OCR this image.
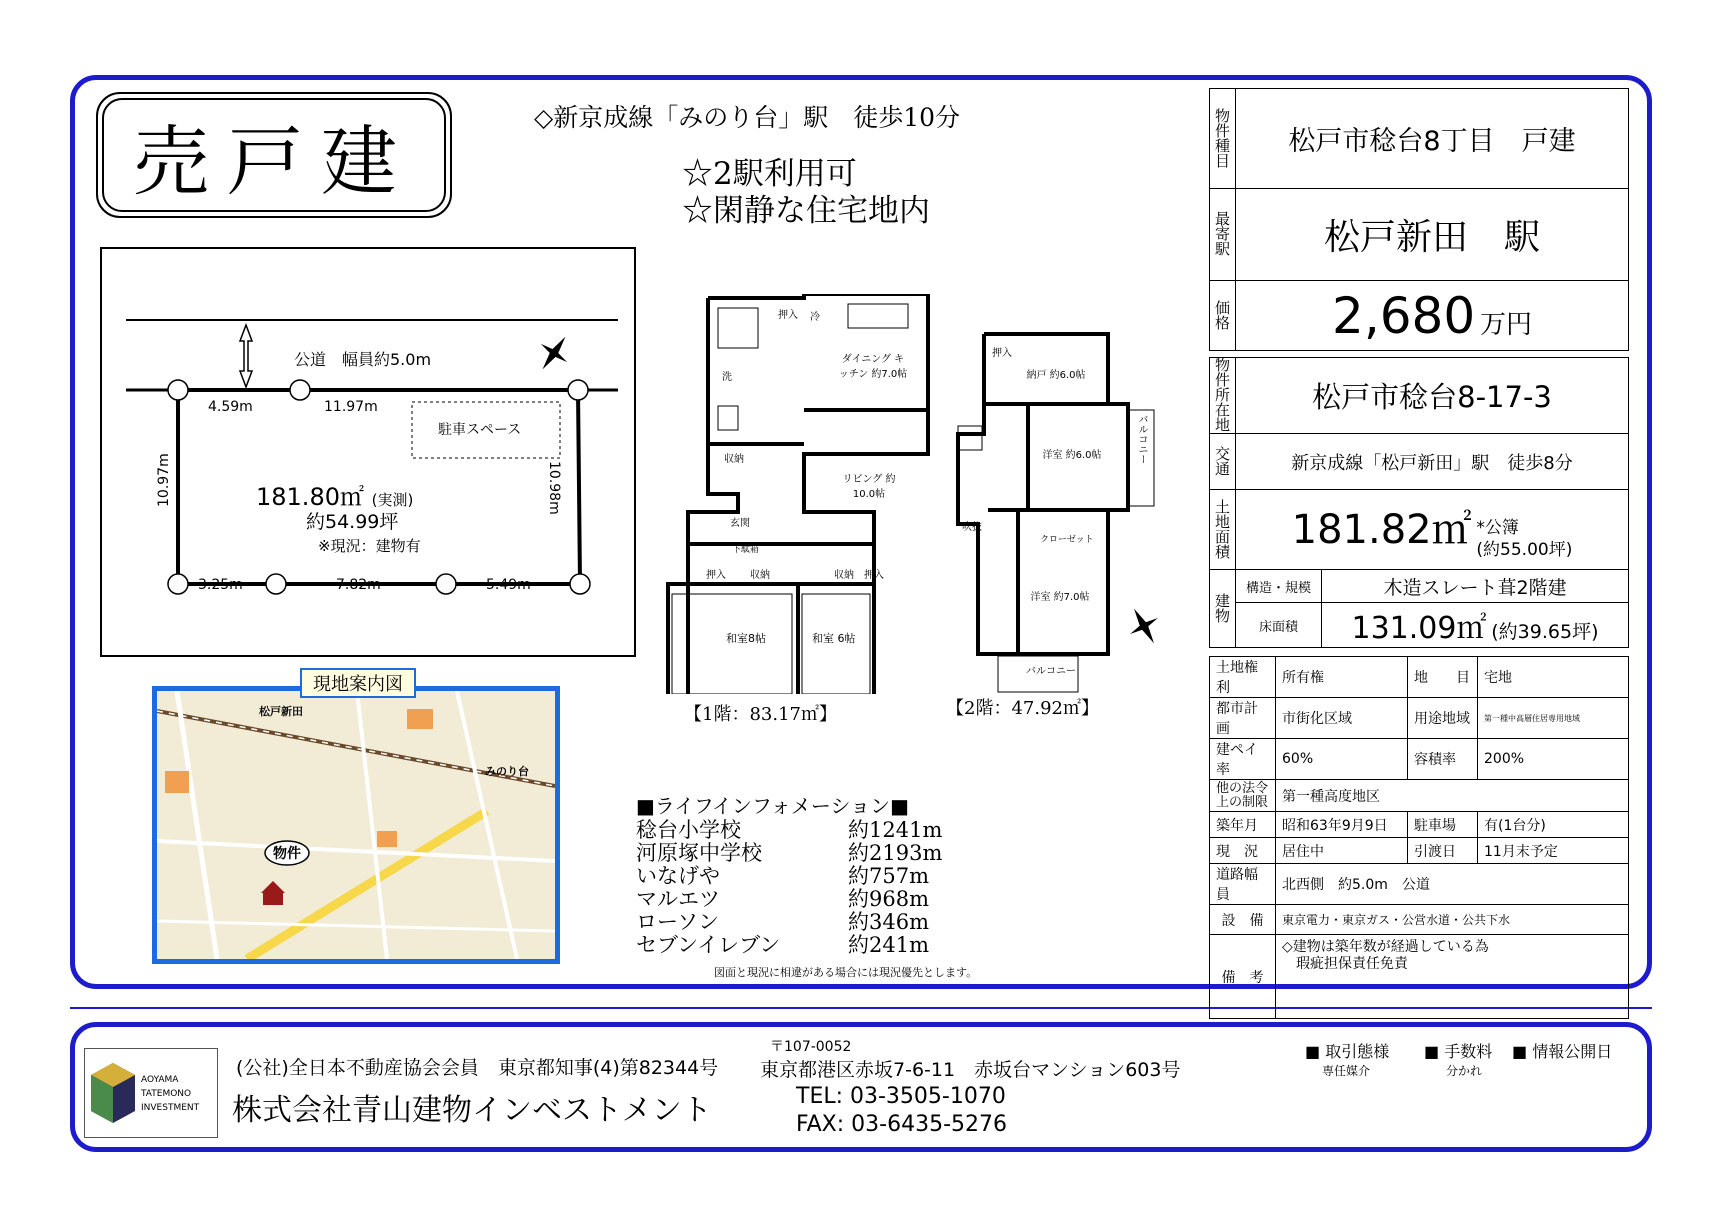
売戸建	◇新京成線「みのり台」駅　徒歩10分
☆2駅利用可
☆閑静な住宅地内
公道　幅員約5.0m
駐車スペース
4.59m	11.97m
10.97m	10.98m
3.25m	7.82m	5.49m
181.80㎡ (実測)
約54.99坪
※現況：建物有
押入 冷
ダイニング キッチン 約7.0帖
リビング 約10.0帖
洗
収納
玄関
下駄箱
押入 収納	収納 押入
和室8帖	和室 6帖
押入
納戸 約6.0帖
洋室 約6.0帖
吹抜
クローゼット
洋室 約7.0帖
バルコニー
バルコニー
【1階：83.17㎡】	【2階：47.92㎡】
物件
松戸新田
みのり台
現地案内図
■ライフインフォメーション■
稔台小学校	約1241m
河原塚中学校	約2193m
いなげや	約757m
マルエツ	約968m
ローソン	約346m
セブンイレブン	約241m
図面と現況に相違がある場合には現況優先とします。
物件種目	松戸市稔台8丁目　戸建
最寄駅	松戸新田　駅
価格	2,680 万円
物件所在地	松戸市稔台8-17-3	
交通	新京成線「松戸新田」駅　徒歩8分	
土地面積	181.82㎡ *公簿
(約55.00坪)	
建物	構造・規模	木造スレート葺2階建
	床面積	131.09㎡ (約39.65坪)
土地権利	所有権	地　　目	宅地
都市計画	市街化区域	用途地域	第一種中高層住居専用地域
建ペイ率	60%	容積率	200%
他の法令上の制限	第一種高度地区		
築年月	昭和63年9月9日	駐車場	有(1台分)
現　況	居住中	引渡日	11月末予定
道路幅員	北西側　約5.0m　公道		
設　備	東京電力・東京ガス・公営水道・公共下水		
備　考	◇建物は築年数が経過している為
　瑕疵担保責任免責		
AOYAMA
TATEMONO
INVESTMENT
(公社)全日本不動産協会会員　東京都知事(4)第82344号
株式会社青山建物インベストメント
〒107-0052
東京都港区赤坂7-6-11　赤坂台マンション603号
TEL: 03-3505-1070
FAX: 03-6435-5276
■ 取引態様
専任媒介
■ 手数料
分かれ
■ 情報公開日
